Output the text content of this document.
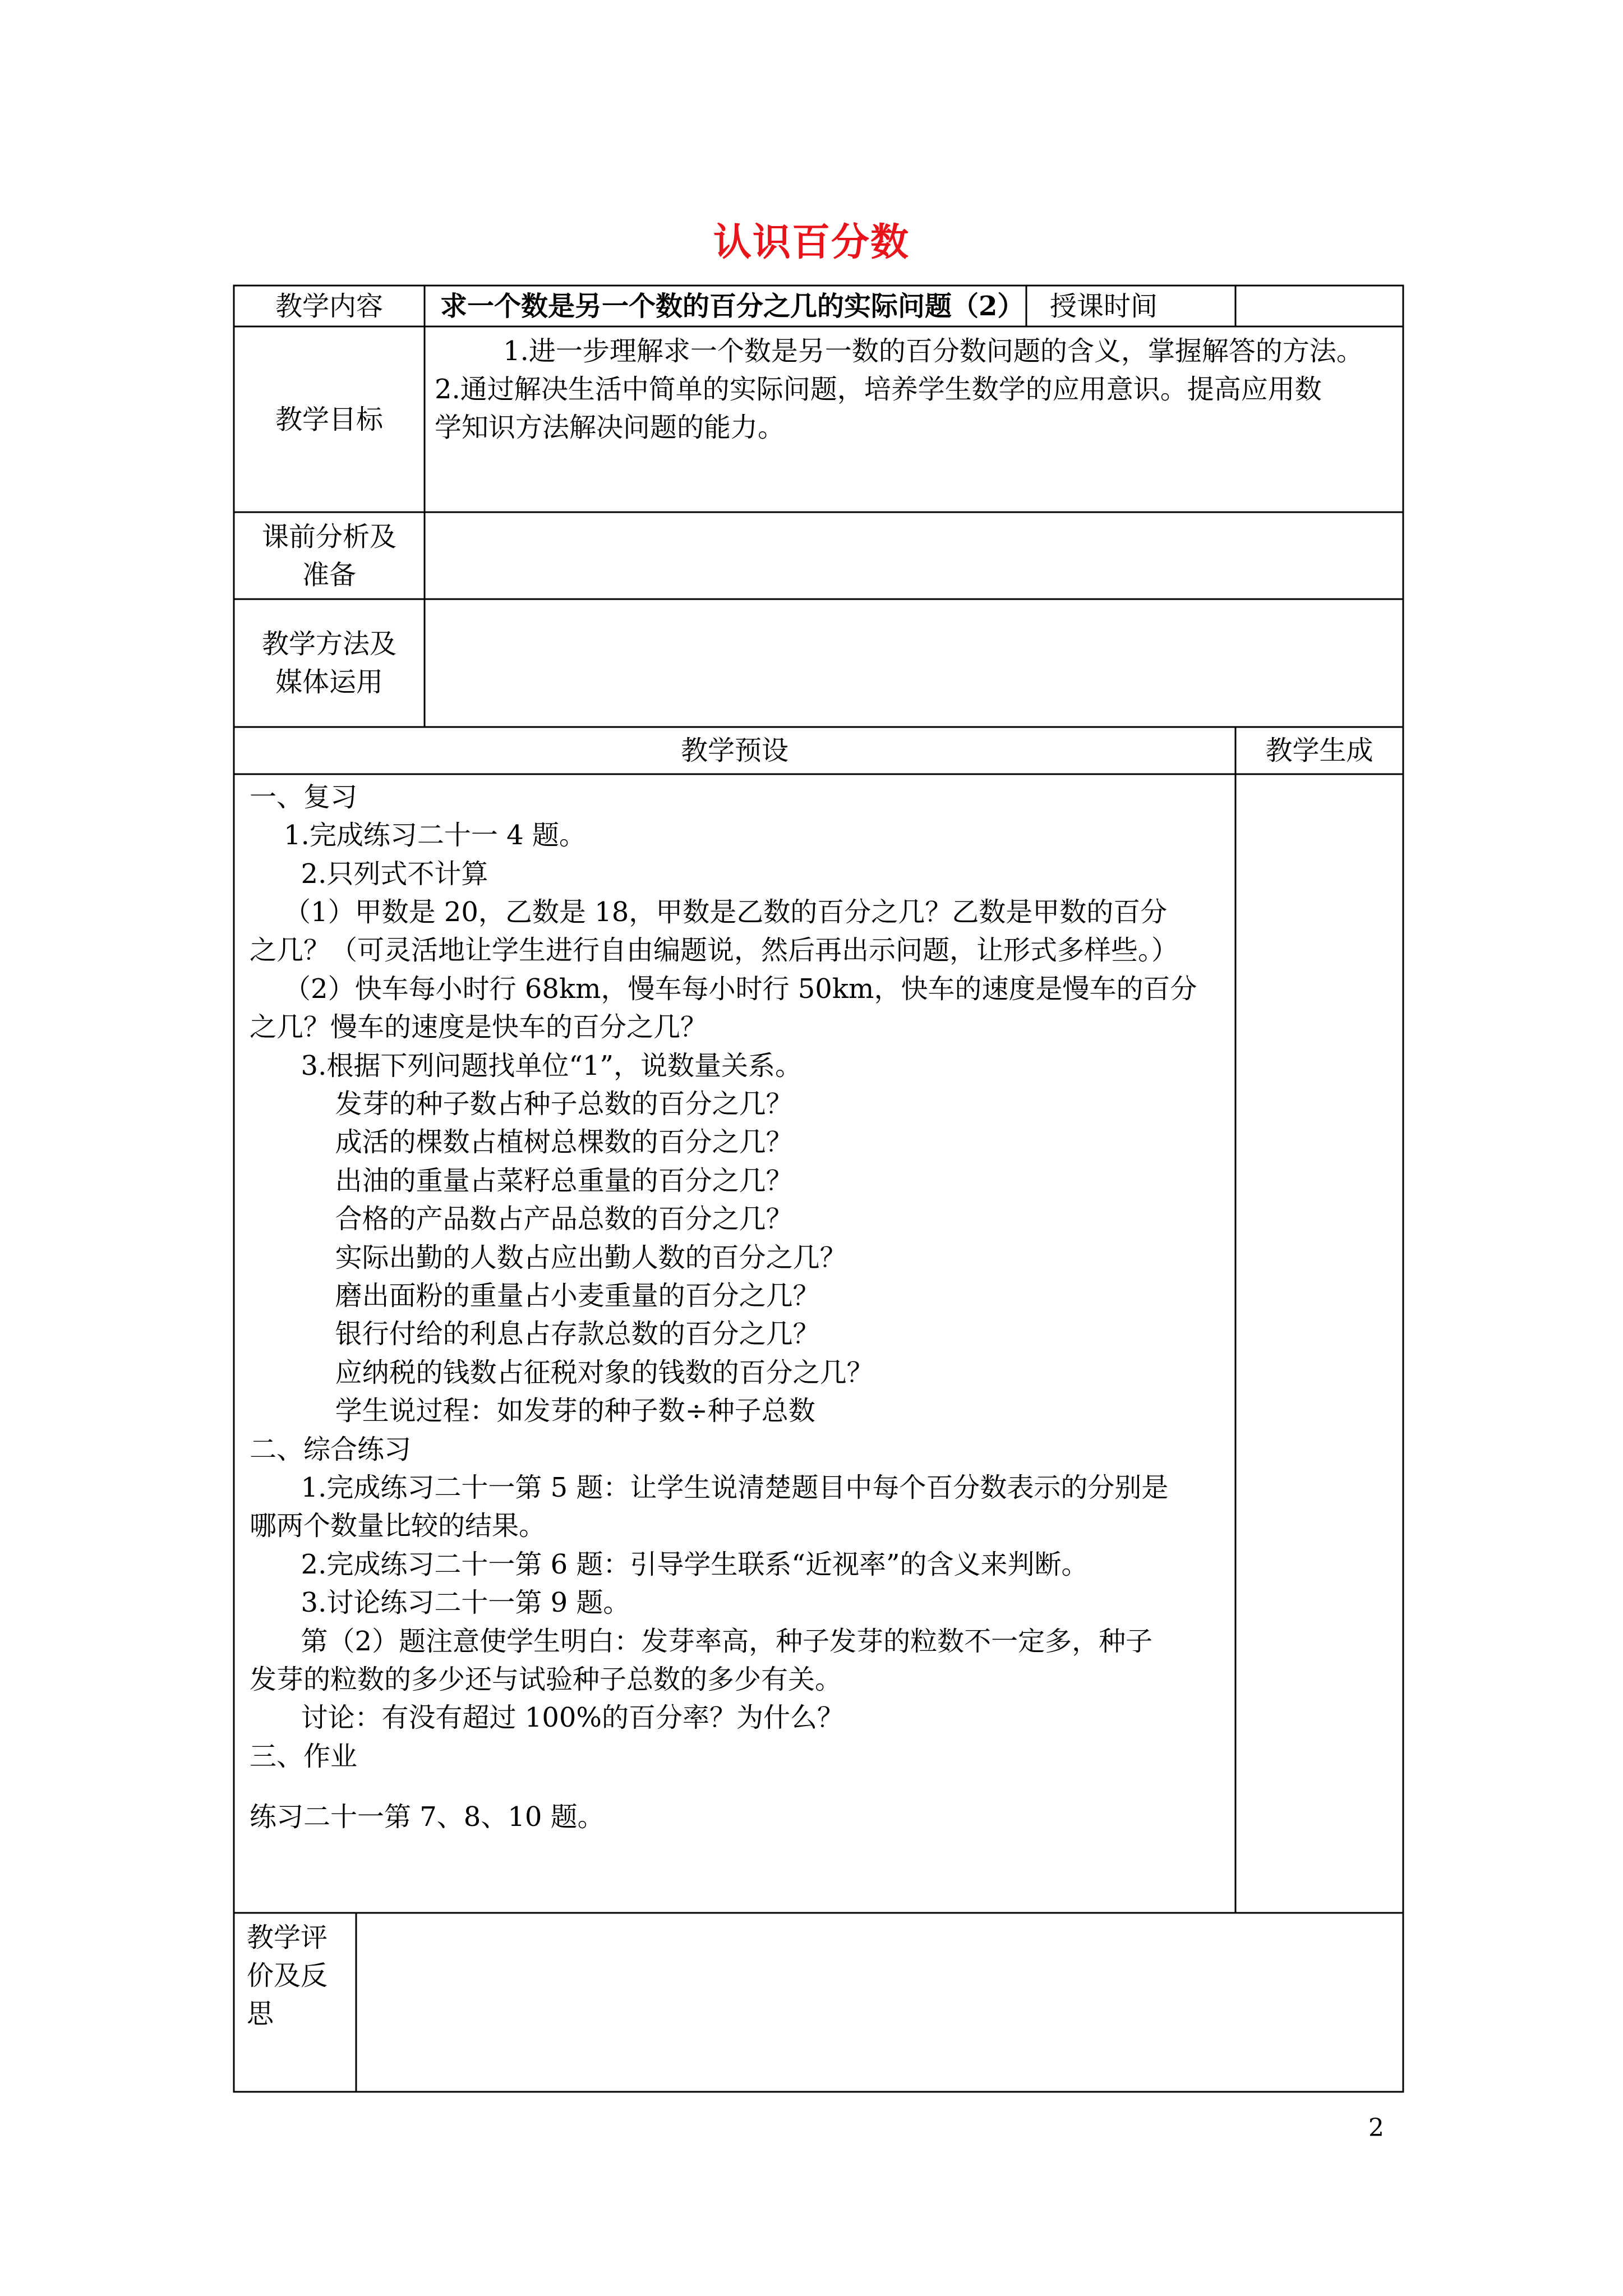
认识百分数
教学内容	求一个数是另一个数的百分之几的实际问题（2） 授课时间
教学目标
1.进一步理解求一个数是另一数的百分数问题的含义，掌握解答的方法。
2.通过解决生活中简单的实际问题，培养学生数学的应用意识。提高应用数
学知识方法解决问题的能力。
课前分析及
准备
教学方法及
媒体运用
教学预设	教学生成
一、复习
1.完成练习二十一 4 题。
2.只列式不计算
（1）甲数是 20，乙数是 18，甲数是乙数的百分之几？乙数是甲数的百分
之几？（可灵活地让学生进行自由编题说，然后再出示问题，让形式多样些。）
（2）快车每小时行 68km，慢车每小时行 50km，快车的速度是慢车的百分
之几？慢车的速度是快车的百分之几？
3.根据下列问题找单位“1”，说数量关系。
发芽的种子数占种子总数的百分之几？
成活的棵数占植树总棵数的百分之几？
出油的重量占菜籽总重量的百分之几？
合格的产品数占产品总数的百分之几？
实际出勤的人数占应出勤人数的百分之几？
磨出面粉的重量占小麦重量的百分之几？
银行付给的利息占存款总数的百分之几？
应纳税的钱数占征税对象的钱数的百分之几？
学生说过程：如发芽的种子数÷种子总数
二、综合练习
1.完成练习二十一第 5 题：让学生说清楚题目中每个百分数表示的分别是
哪两个数量比较的结果。
2.完成练习二十一第 6 题：引导学生联系“近视率”的含义来判断。
3.讨论练习二十一第 9 题。
第（2）题注意使学生明白：发芽率高，种子发芽的粒数不一定多，种子
发芽的粒数的多少还与试验种子总数的多少有关。
讨论：有没有超过 100%的百分率？为什么？
三、作业
练习二十一第 7、8、10 题。
教学评
价及反
思
2
